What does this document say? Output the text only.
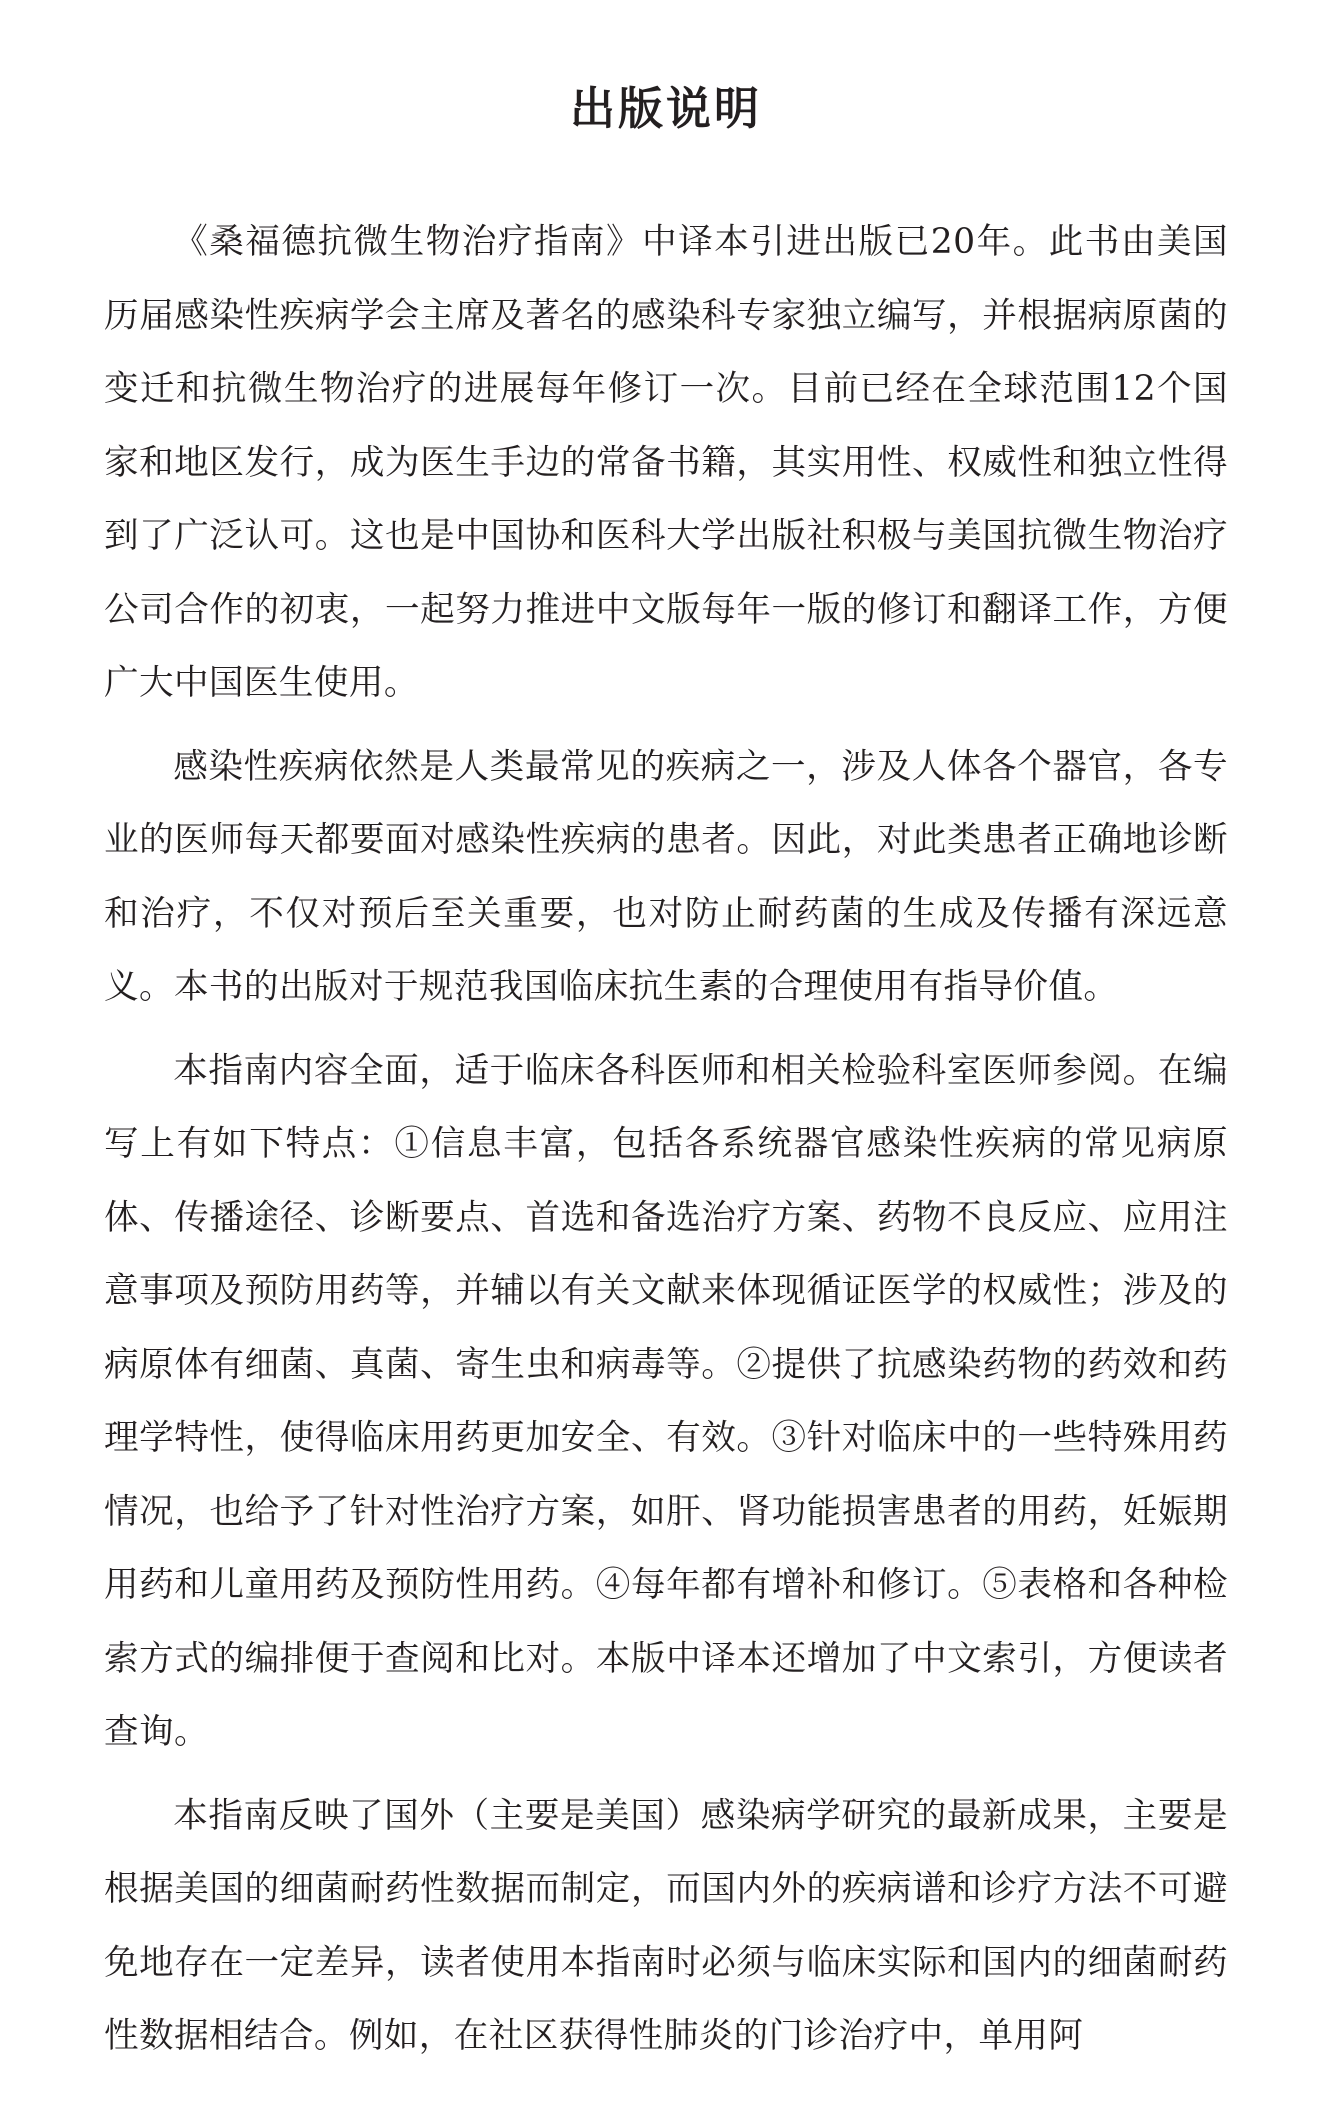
出版说明

《桑福德抗微生物治疗指南》中译本引进出版已20年。此书由美国历届感染性疾病学会主席及著名的感染科专家独立编写，并根据病原菌的变迁和抗微生物治疗的进展每年修订一次。目前已经在全球范围12个国家和地区发行，成为医生手边的常备书籍，其实用性、权威性和独立性得到了广泛认可。这也是中国协和医科大学出版社积极与美国抗微生物治疗公司合作的初衷，一起努力推进中文版每年一版的修订和翻译工作，方便广大中国医生使用。

感染性疾病依然是人类最常见的疾病之一，涉及人体各个器官，各专业的医师每天都要面对感染性疾病的患者。因此，对此类患者正确地诊断和治疗，不仅对预后至关重要，也对防止耐药菌的生成及传播有深远意义。本书的出版对于规范我国临床抗生素的合理使用有指导价值。

本指南内容全面，适于临床各科医师和相关检验科室医师参阅。在编写上有如下特点：①信息丰富，包括各系统器官感染性疾病的常见病原体、传播途径、诊断要点、首选和备选治疗方案、药物不良反应、应用注意事项及预防用药等，并辅以有关文献来体现循证医学的权威性；涉及的病原体有细菌、真菌、寄生虫和病毒等。②提供了抗感染药物的药效和药理学特性，使得临床用药更加安全、有效。③针对临床中的一些特殊用药情况，也给予了针对性治疗方案，如肝、肾功能损害患者的用药，妊娠期用药和儿童用药及预防性用药。④每年都有增补和修订。⑤表格和各种检索方式的编排便于查阅和比对。本版中译本还增加了中文索引，方便读者查询。

本指南反映了国外（主要是美国）感染病学研究的最新成果，主要是根据美国的细菌耐药性数据而制定，而国内外的疾病谱和诊疗方法不可避免地存在一定差异，读者使用本指南时必须与临床实际和国内的细菌耐药性数据相结合。例如，在社区获得性肺炎的门诊治疗中，单用阿
